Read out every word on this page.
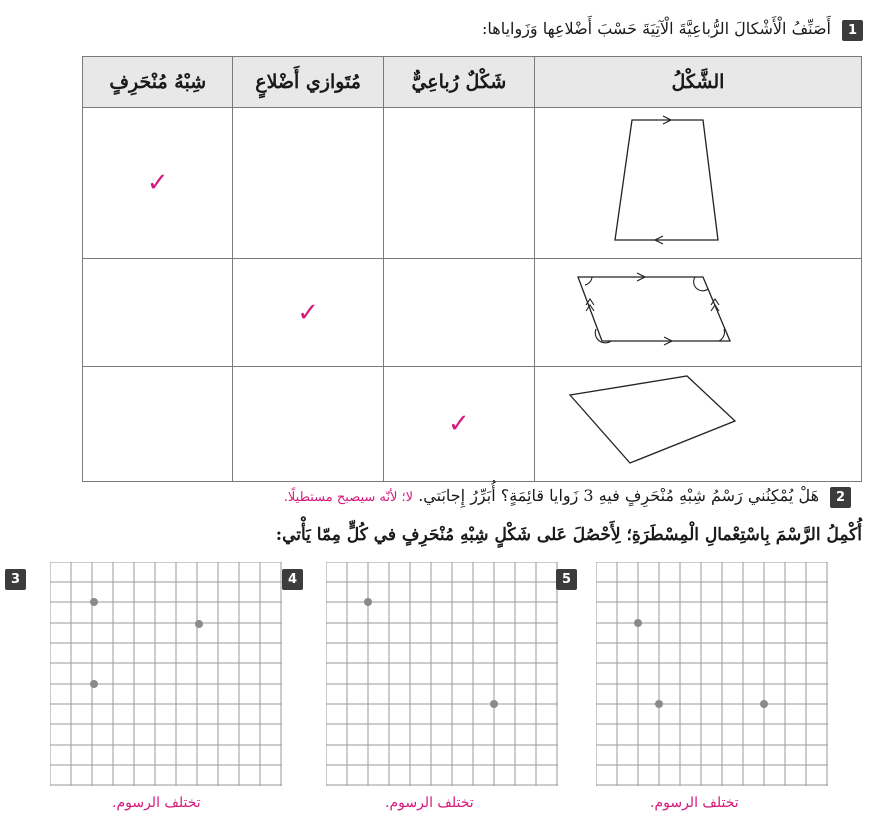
1
أَصَنِّفُ الْأَشْكالَ الرُّباعِيَّةَ الْآتِيَةَ حَسْبَ أَضْلاعِها وَزَواياها:
الشَّكْلُ	شَكْلٌ رُباعِيٌّ	مُتَوازي أَضْلاعٍ	شِبْهُ مُنْحَرِفٍ
			✓
		✓	
	✓		
2
هَلْ يُمْكِنُني رَسْمُ شِبْهِ مُنْحَرِفٍ فيهِ 3 زَوايا قائِمَةٍ؟ أُبَرِّرُ إِجابَتي. لا؛ لأنّه سيصبح مستطيلًا.
أُكْمِلُ الرَّسْمَ بِاسْتِعْمالِ الْمِسْطَرَةِ؛ لِأَحْصُلَ عَلى شَكْلٍ شِبْهِ مُنْحَرِفٍ في كُلٍّ مِمّا يَأْتي:
3
تختلف الرسوم.
4
تختلف الرسوم.
5
تختلف الرسوم.
